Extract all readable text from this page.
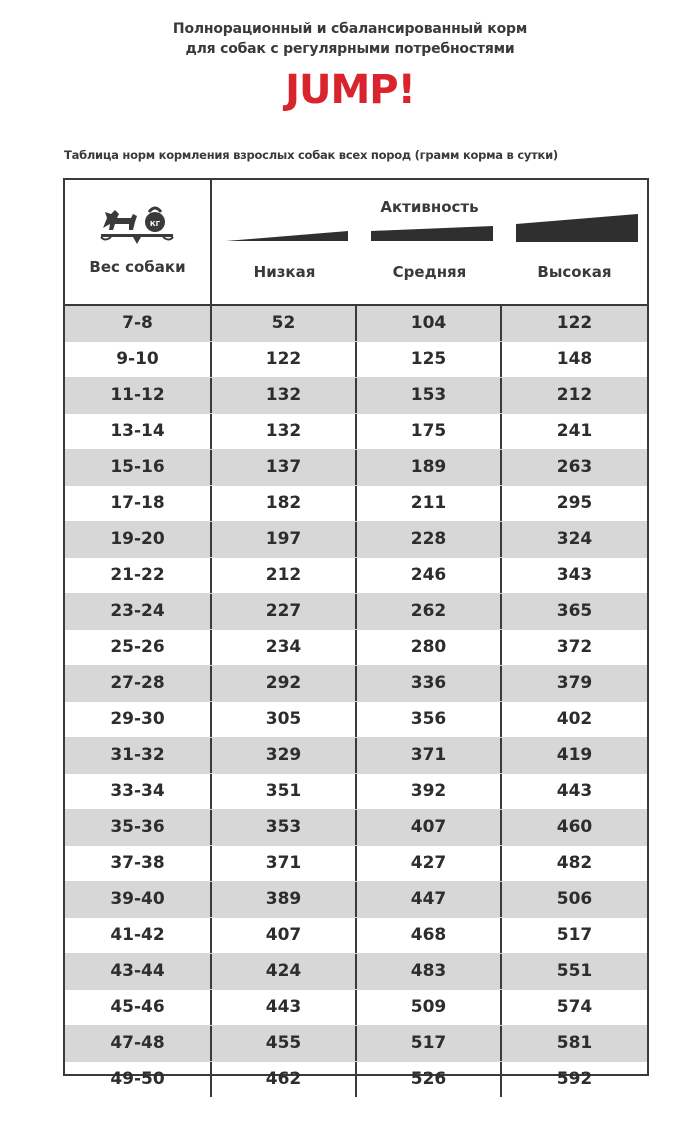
Полнорационный и сбалансированный корм
для собак с регулярными потребностями
JUMP!
Таблица норм кормления взрослых собак всех пород (грамм корма в сутки)
КГ
Вес собаки
Активность
Низкая	Средняя	Высокая
7-8	52	104	122
9-10	122	125	148
11-12	132	153	212
13-14	132	175	241
15-16	137	189	263
17-18	182	211	295
19-20	197	228	324
21-22	212	246	343
23-24	227	262	365
25-26	234	280	372
27-28	292	336	379
29-30	305	356	402
31-32	329	371	419
33-34	351	392	443
35-36	353	407	460
37-38	371	427	482
39-40	389	447	506
41-42	407	468	517
43-44	424	483	551
45-46	443	509	574
47-48	455	517	581
49-50	462	526	592
